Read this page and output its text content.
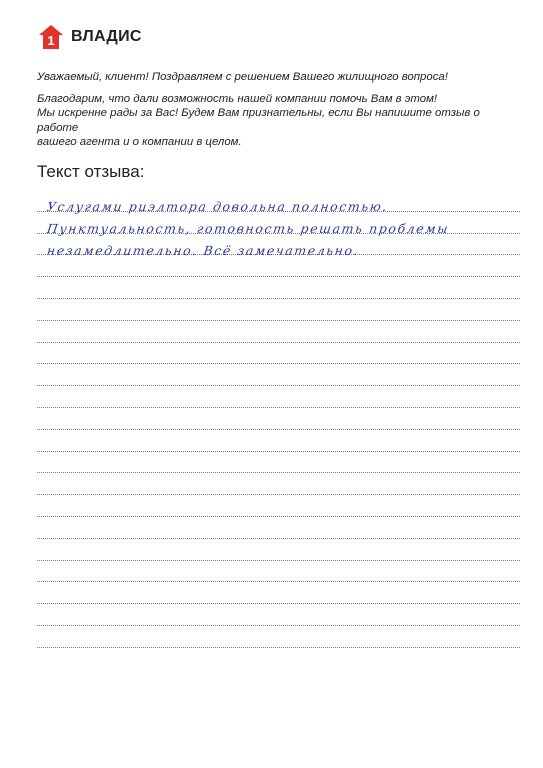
1 ВЛАДИС

Уважаемый, клиент! Поздравляем с решением Вашего жилищного вопроса!

Благодарим, что дали возможность нашей компании помочь Вам в этом!

Мы искренне рады за Вас! Будем Вам признательны, если Вы напишите отзыв о работе

вашего агента и о компании в целом.

Текст отзыва:
Услугами риэлтора довольна полностью.
Пунктуальность, готовность решать проблемы
незамедлительно. Всё замечательно.
